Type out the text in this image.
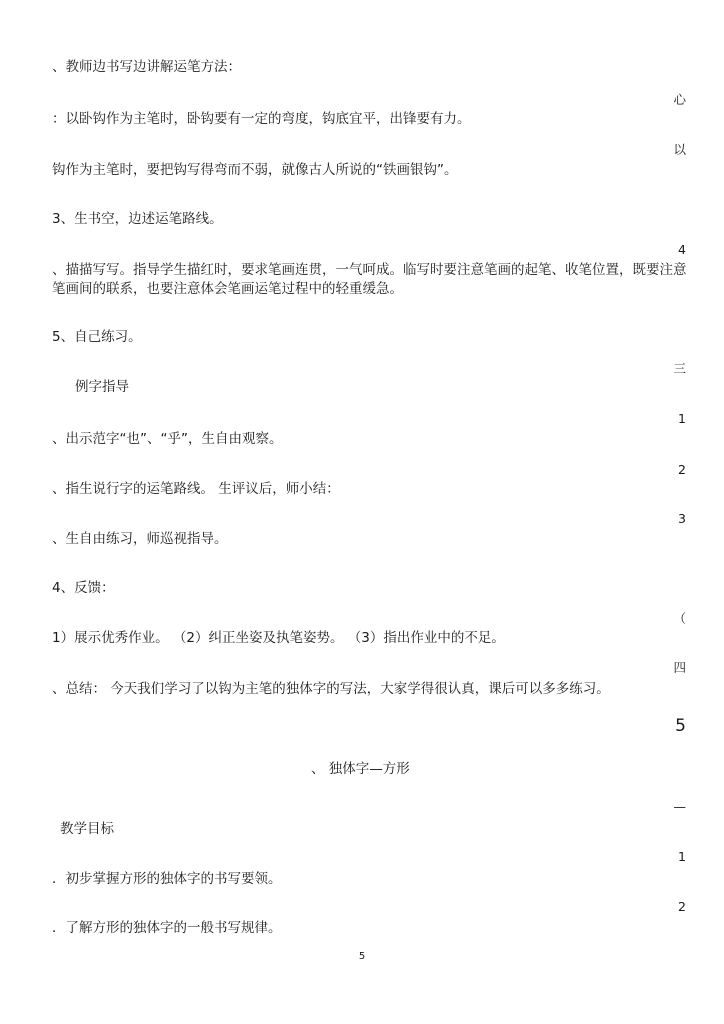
、教师边书写边讲解运笔方法：
：以卧钩作为主笔时，卧钩要有一定的弯度，钩底宜平，出锋要有力。
钩作为主笔时，要把钩写得弯而不弱，就像古人所说的“铁画银钩”。
3、生书空，边述运笔路线。
、描描写写。指导学生描红时，要求笔画连贯，一气呵成。临写时要注意笔画的起笔、收笔位置，既要注意笔画间的联系，也要注意体会笔画运笔过程中的轻重缓急。
5、自己练习。
例字指导
、出示范字“也”、“乎”，生自由观察。
、指生说行字的运笔路线。 生评议后，师小结：
、生自由练习，师巡视指导。
4、反馈：
1）展示优秀作业。 （2）纠正坐姿及执笔姿势。 （3）指出作业中的不足。
、总结： 今天我们学习了以钩为主笔的独体字的写法，大家学得很认真，课后可以多多练习。
、 独体字—方形
教学目标
．初步掌握方形的独体字的书写要领。
．了解方形的独体字的一般书写规律。
心
以
4
三
1
2
3
（
四
5
—
1
2
5
